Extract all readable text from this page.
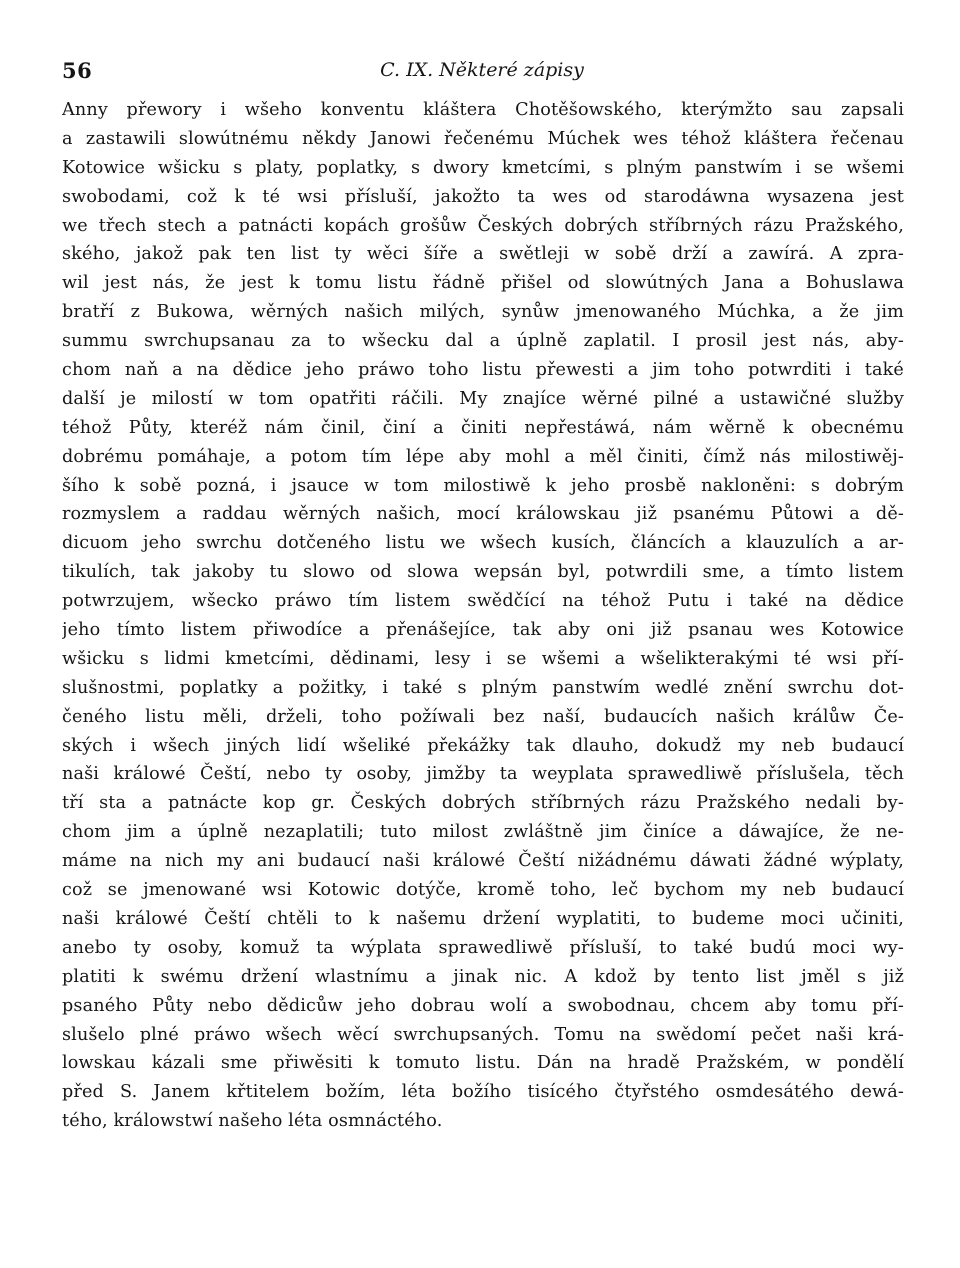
56	C. IX. Některé zápisy
Anny přewory i wšeho konventu kláštera Chotěšowského, kterýmžto sau zapsali
a zastawili slowútnému někdy Janowi řečenému Múchek wes téhož kláštera řečenau
Kotowice wšicku s platy, poplatky, s dwory kmetcími, s plným panstwím i se wšemi
swobodami, což k té wsi přísluší, jakožto ta wes od starodáwna wysazena jest
we třech stech a patnácti kopách grošůw Českých dobrých stříbrných rázu Pražského,
ského, jakož pak ten list ty wěci šíře a swětleji w sobě drží a zawírá. A zpra-
wil jest nás, že jest k tomu listu řádně přišel od slowútných Jana a Bohuslawa
bratří z Bukowa, wěrných našich milých, synůw jmenowaného Múchka, a že jim
summu swrchupsanau za to wšecku dal a úplně zaplatil. I prosil jest nás, aby-
chom naň a na dědice jeho práwo toho listu přewesti a jim toho potwrditi i také
další je milostí w tom opatřiti ráčili. My znajíce wěrné pilné a ustawičné služby
téhož Půty, kteréž nám činil, činí a činiti nepřestáwá, nám wěrně k obecnému
dobrému pomáhaje, a potom tím lépe aby mohl a měl činiti, čímž nás milostiwěj-
šího k sobě pozná, i jsauce w tom milostiwě k jeho prosbě nakloněni: s dobrým
rozmyslem a raddau wěrných našich, mocí králowskau již psanému Půtowi a dě-
dicuom jeho swrchu dotčeného listu we wšech kusích, článcích a klauzulích a ar-
tikulích, tak jakoby tu slowo od slowa wepsán byl, potwrdili sme, a tímto listem
potwrzujem, wšecko práwo tím listem swědčící na téhož Putu i také na dědice
jeho tímto listem přiwodíce a přenášejíce, tak aby oni již psanau wes Kotowice
wšicku s lidmi kmetcími, dědinami, lesy i se wšemi a wšelikterakými té wsi pří-
slušnostmi, poplatky a požitky, i také s plným panstwím wedlé znění swrchu dot-
čeného listu měli, drželi, toho požíwali bez naší, budaucích našich králůw Če-
ských i wšech jiných lidí wšeliké překážky tak dlauho, dokudž my neb budaucí
naši králowé Čeští, nebo ty osoby, jimžby ta weyplata sprawedliwě příslušela, těch
tří sta a patnácte kop gr. Českých dobrých stříbrných rázu Pražského nedali by-
chom jim a úplně nezaplatili; tuto milost zwláštně jim činíce a dáwajíce, že ne-
máme na nich my ani budaucí naši králowé Čeští nižádnému dáwati žádné wýplaty,
což se jmenowané wsi Kotowic dotýče, kromě toho, leč bychom my neb budaucí
naši králowé Čeští chtěli to k našemu držení wyplatiti, to budeme moci učiniti,
anebo ty osoby, komuž ta wýplata sprawedliwě přísluší, to také budú moci wy-
platiti k swému držení wlastnímu a jinak nic. A kdož by tento list jměl s již
psaného Půty nebo dědicůw jeho dobrau wolí a swobodnau, chcem aby tomu pří-
slušelo plné práwo wšech wěcí swrchupsaných. Tomu na swědomí pečet naši krá-
lowskau kázali sme přiwěsiti k tomuto listu. Dán na hradě Pražském, w pondělí
před S. Janem křtitelem božím, léta božího tisícého čtyřstého osmdesátého dewá-
tého, králowstwí našeho léta osmnáctého.
